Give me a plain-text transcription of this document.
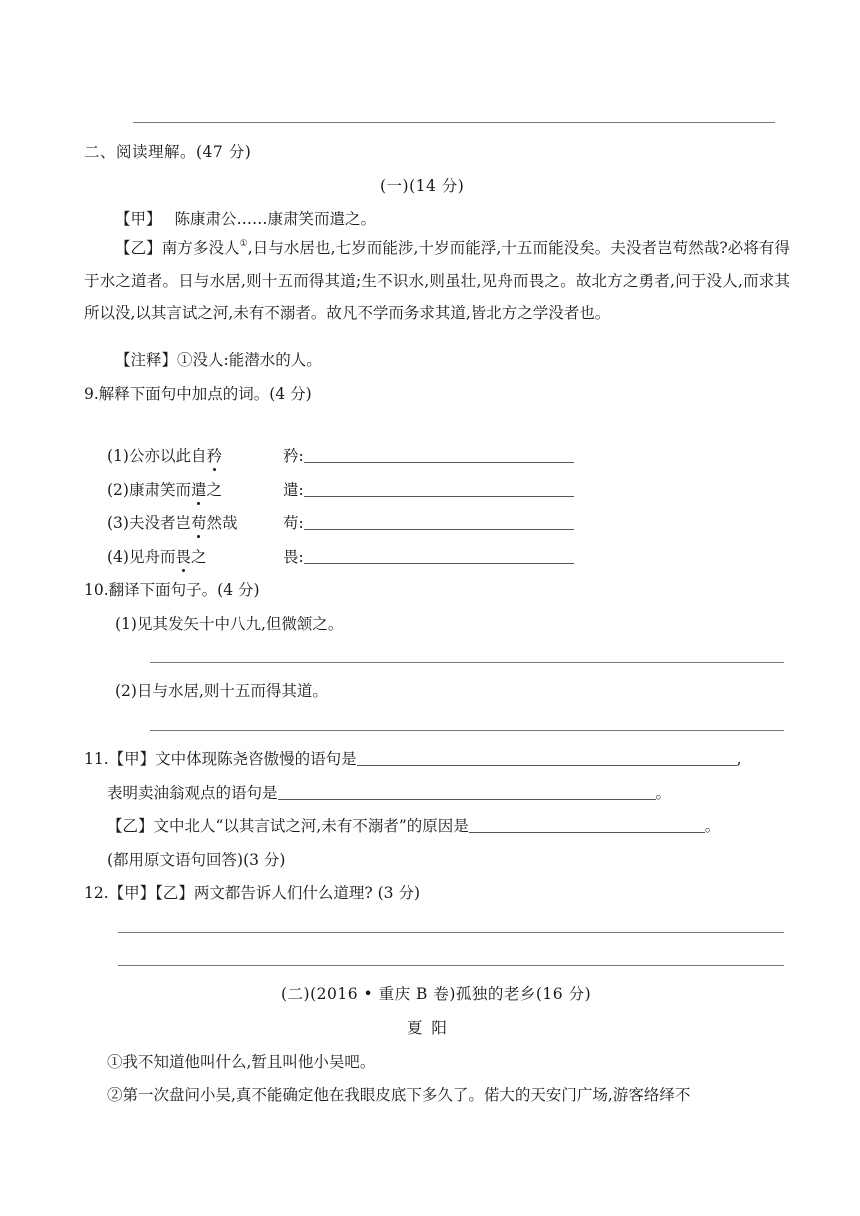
二、阅读理解。(47 分)
(一)(14 分)
【甲】 陈康肃公……康肃笑而遣之。
【乙】南方多没人①,日与水居也,七岁而能涉,十岁而能浮,十五而能没矣。夫没者岂苟然哉?必将有得于水之道者。日与水居,则十五而得其道;生不识水,则虽壮,见舟而畏之。故北方之勇者,问于没人,而求其所以没,以其言试之河,未有不溺者。故凡不学而务求其道,皆北方之学没者也。
【注释】①没人:能潜水的人。
9.解释下面句中加点的词。(4 分)
(1)公亦以此自矜	矜:
(2)康肃笑而遣之	遣:
(3)夫没者岂苟然哉	苟:
(4)见舟而畏之	畏:
10.翻译下面句子。(4 分)
(1)见其发矢十中八九,但微颔之。
(2)日与水居,则十五而得其道。
11.【甲】文中体现陈尧咨傲慢的语句是	,
表明卖油翁观点的语句是	。
【乙】文中北人“以其言试之河,未有不溺者”的原因是	。
(都用原文语句回答)(3 分)
12.【甲】【乙】两文都告诉人们什么道理? (3 分)
(二)(2016 • 重庆 B 卷)孤独的老乡(16 分)
夏 阳
①我不知道他叫什么,暂且叫他小吴吧。
②第一次盘问小吴,真不能确定他在我眼皮底下多久了。偌大的天安门广场,游客络绎不
